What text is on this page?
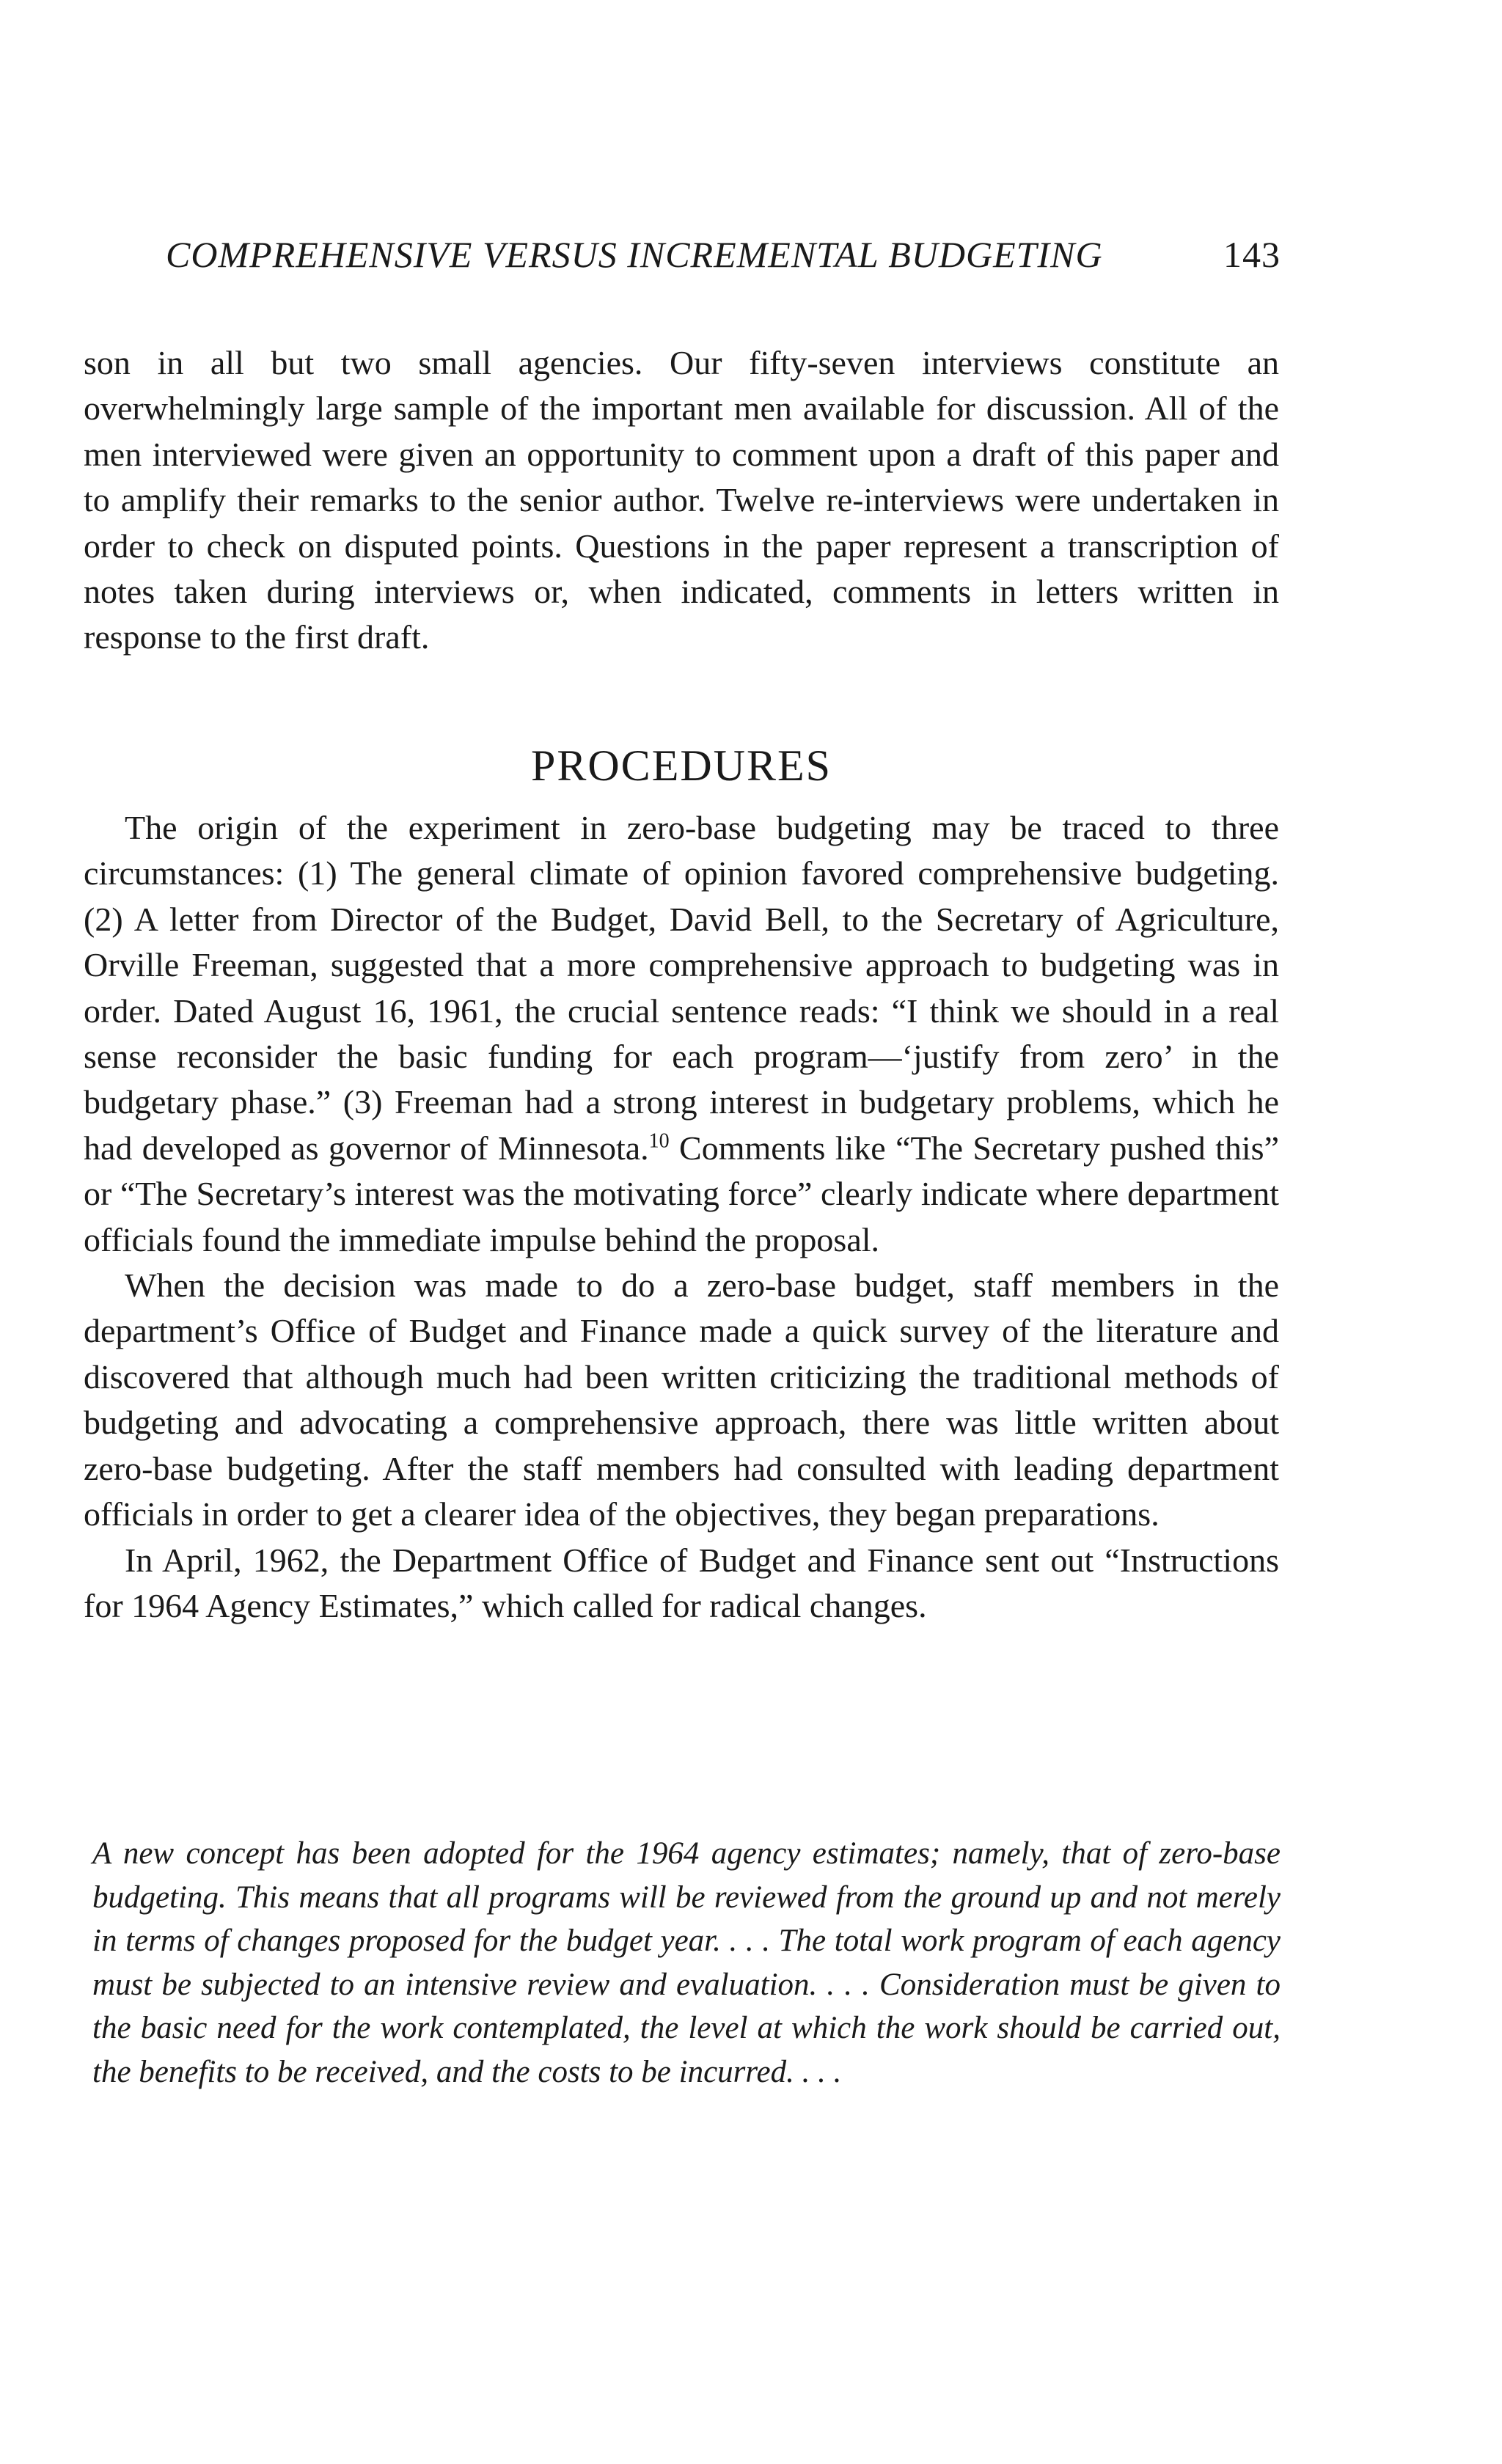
COMPREHENSIVE VERSUS INCREMENTAL BUDGETING	143

son in all but two small agencies. Our fifty-seven interviews constitute an overwhelmingly large sample of the important men available for discussion. All of the men interviewed were given an opportunity to comment upon a draft of this paper and to amplify their remarks to the senior author. Twelve re-interviews were undertaken in order to check on disputed points. Questions in the paper represent a transcription of notes taken during interviews or, when indicated, comments in letters written in response to the first draft.

PROCEDURES

The origin of the experiment in zero-base budgeting may be traced to three circumstances: (1) The general climate of opinion favored comprehensive budgeting. (2) A letter from Director of the Budget, David Bell, to the Secretary of Agriculture, Orville Freeman, suggested that a more comprehensive approach to budgeting was in order. Dated August 16, 1961, the crucial sentence reads: “I think we should in a real sense reconsider the basic funding for each program—‘justify from zero’ in the budgetary phase.” (3) Freeman had a strong interest in budgetary problems, which he had developed as governor of Minnesota.$^{10}$ Comments like “The Secretary pushed this” or “The Secretary’s interest was the motivating force” clearly indicate where department officials found the immediate impulse behind the proposal.

When the decision was made to do a zero-base budget, staff members in the department’s Office of Budget and Finance made a quick survey of the literature and discovered that although much had been written criticizing the traditional methods of budgeting and advocating a comprehensive approach, there was little written about zero-base budgeting. After the staff members had consulted with leading department officials in order to get a clearer idea of the objectives, they began preparations.

In April, 1962, the Department Office of Budget and Finance sent out “Instructions for 1964 Agency Estimates,” which called for radical changes.

A new concept has been adopted for the 1964 agency estimates; namely, that of zero-base budgeting. This means that all programs will be reviewed from the ground up and not merely in terms of changes proposed for the budget year. . . . The total work program of each agency must be subjected to an intensive review and evaluation. . . . Consideration must be given to the basic need for the work contemplated, the level at which the work should be carried out, the benefits to be received, and the costs to be incurred. . . .
